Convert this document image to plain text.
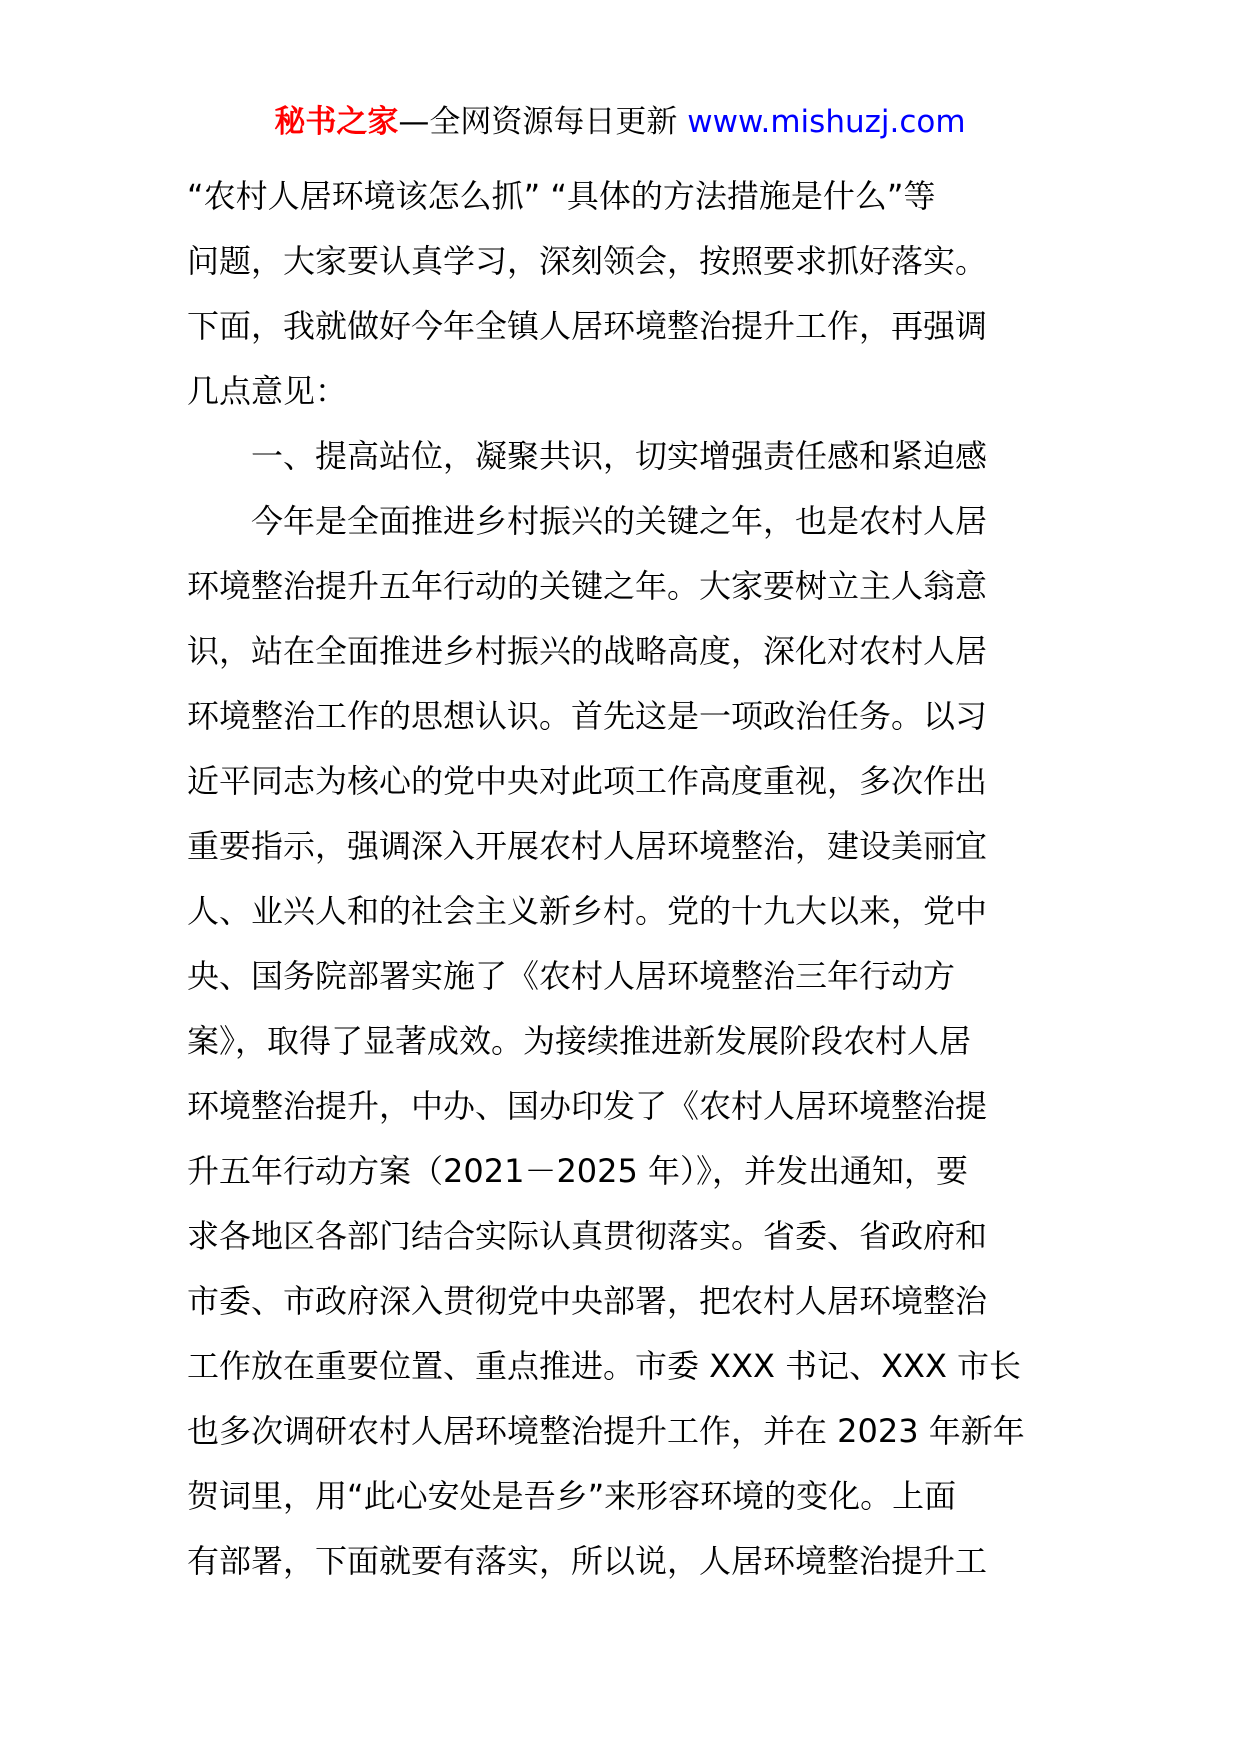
秘书之家—全网资源每日更新 www.mishuzj.com
“农村人居环境该怎么抓” “具体的方法措施是什么”等
问题，大家要认真学习，深刻领会，按照要求抓好落实。
下面，我就做好今年全镇人居环境整治提升工作，再强调
几点意见：
一、提高站位，凝聚共识，切实增强责任感和紧迫感
今年是全面推进乡村振兴的关键之年，也是农村人居
环境整治提升五年行动的关键之年。大家要树立主人翁意
识，站在全面推进乡村振兴的战略高度，深化对农村人居
环境整治工作的思想认识。首先这是一项政治任务。以习
近平同志为核心的党中央对此项工作高度重视，多次作出
重要指示，强调深入开展农村人居环境整治，建设美丽宜
人、业兴人和的社会主义新乡村。党的十九大以来，党中
央、国务院部署实施了《农村人居环境整治三年行动方
案》，取得了显著成效。为接续推进新发展阶段农村人居
环境整治提升，中办、国办印发了《农村人居环境整治提
升五年行动方案（2021－2025 年）》，并发出通知，要
求各地区各部门结合实际认真贯彻落实。省委、省政府和
市委、市政府深入贯彻党中央部署，把农村人居环境整治
工作放在重要位置、重点推进。市委 XXX 书记、XXX 市长
也多次调研农村人居环境整治提升工作，并在 2023 年新年
贺词里，用“此心安处是吾乡”来形容环境的变化。上面
有部署，下面就要有落实，所以说，人居环境整治提升工
